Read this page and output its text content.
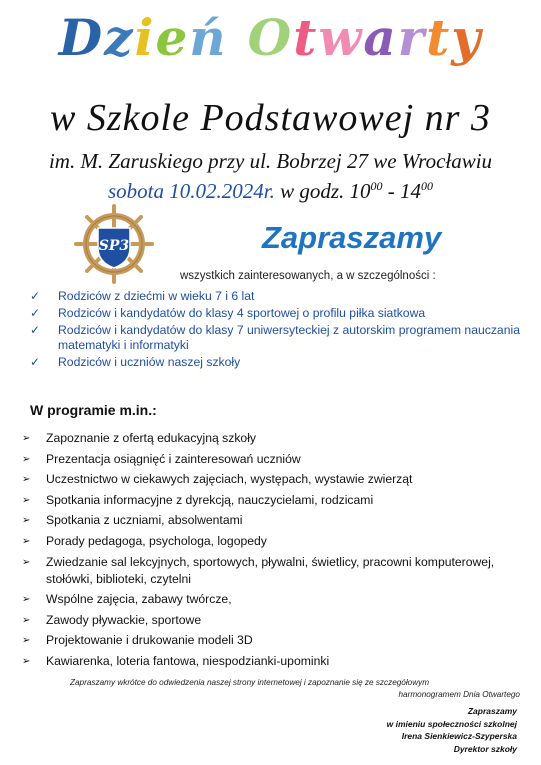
Dzień Otwarty
w Szkole Podstawowej nr 3
im. M. Zaruskiego przy ul. Bobrzej 27 we Wrocławiu
sobota 10.02.2024r. w godz. $10^{00} - 14^{00}$
SP3	Zapraszamy
wszystkich zainteresowanych, a w szczególności :
✓ Rodziców z dziećmi w wieku 7 i 6 lat
✓ Rodziców i kandydatów do klasy 4 sportowej o profilu piłka siatkowa
✓ Rodziców i kandydatów do klasy 7 uniwersyteckiej z autorskim programem nauczania matematyki i informatyki
✓ Rodziców i uczniów naszej szkoły
W programie m.in.:
➢ Zapoznanie z ofertą edukacyjną szkoły
➢ Prezentacja osiągnięć i zainteresowań uczniów
➢ Uczestnictwo w ciekawych zajęciach, występach, wystawie zwierząt
➢ Spotkania informacyjne z dyrekcją, nauczycielami, rodzicami
➢ Spotkania z uczniami, absolwentami
➢ Porady pedagoga, psychologa, logopedy
➢ Zwiedzanie sal lekcyjnych, sportowych, pływalni, świetlicy, pracowni komputerowej, stołówki, biblioteki, czytelni
➢ Wspólne zajęcia, zabawy twórcze,
➢ Zawody pływackie, sportowe
➢ Projektowanie i drukowanie modeli 3D
➢ Kawiarenka, loteria fantowa, niespodzianki-upominki
Zapraszamy wkrótce do odwiedzenia naszej strony internetowej i zapoznanie się ze szczegółowym
harmonogramem Dnia Otwartego
Zapraszamy
w imieniu społeczności szkolnej
Irena Sienkiewicz-Szyperska
Dyrektor szkoły
